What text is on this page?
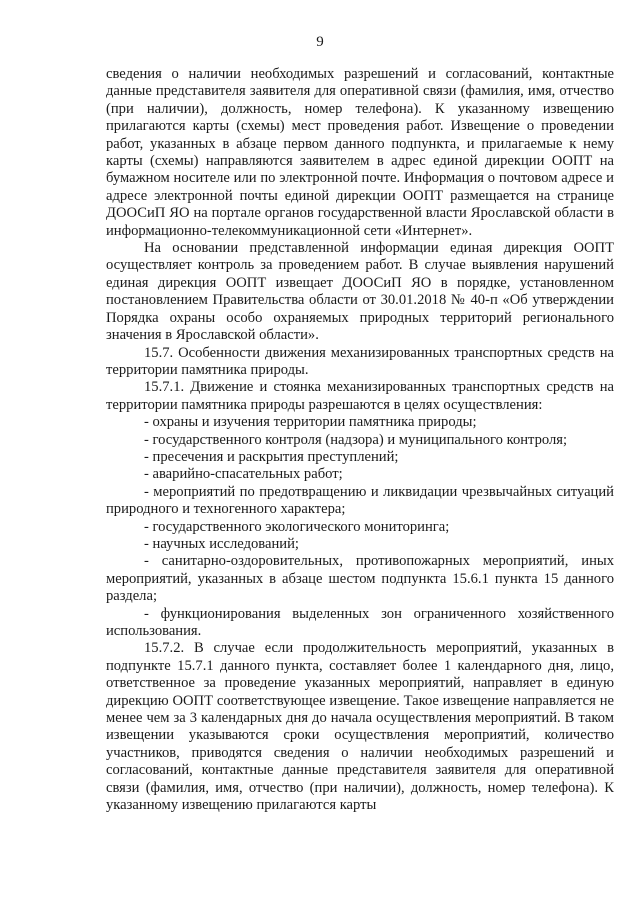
9

сведения о наличии необходимых разрешений и согласований, контактные данные представителя заявителя для оперативной связи (фамилия, имя, отчество (при наличии), должность, номер телефона). К указанному извещению прилагаются карты (схемы) мест проведения работ. Извещение о проведении работ, указанных в абзаце первом данного подпункта, и прилагаемые к нему карты (схемы) направляются заявителем в адрес единой дирекции ООПТ на бумажном носителе или по электронной почте. Информация о почтовом адресе и адресе электронной почты единой дирекции ООПТ размещается на странице ДООСиП ЯО на портале органов государственной власти Ярославской области в информационно-телекоммуникационной сети «Интернет».

На основании представленной информации единая дирекция ООПТ осуществляет контроль за проведением работ. В случае выявления нарушений единая дирекция ООПТ извещает ДООСиП ЯО в порядке, установленном постановлением Правительства области от 30.01.2018 № 40-п «Об утверждении Порядка охраны особо охраняемых природных территорий регионального значения в Ярославской области».

15.7. Особенности движения механизированных транспортных средств на территории памятника природы.

15.7.1. Движение и стоянка механизированных транспортных средств на территории памятника природы разрешаются в целях осуществления:

- охраны и изучения территории памятника природы;

- государственного контроля (надзора) и муниципального контроля;

- пресечения и раскрытия преступлений;

- аварийно-спасательных работ;

- мероприятий по предотвращению и ликвидации чрезвычайных ситуаций природного и техногенного характера;

- государственного экологического мониторинга;

- научных исследований;

- санитарно-оздоровительных, противопожарных мероприятий, иных мероприятий, указанных в абзаце шестом подпункта 15.6.1 пункта 15 данного раздела;

- функционирования выделенных зон ограниченного хозяйственного использования.

15.7.2. В случае если продолжительность мероприятий, указанных в подпункте 15.7.1 данного пункта, составляет более 1 календарного дня, лицо, ответственное за проведение указанных мероприятий, направляет в единую дирекцию ООПТ соответствующее извещение. Такое извещение направляется не менее чем за 3 календарных дня до начала осуществления мероприятий. В таком извещении указываются сроки осуществления мероприятий, количество участников, приводятся сведения о наличии необходимых разрешений и согласований, контактные данные представителя заявителя для оперативной связи (фамилия, имя, отчество (при наличии), должность, номер телефона). К указанному извещению прилагаются карты
